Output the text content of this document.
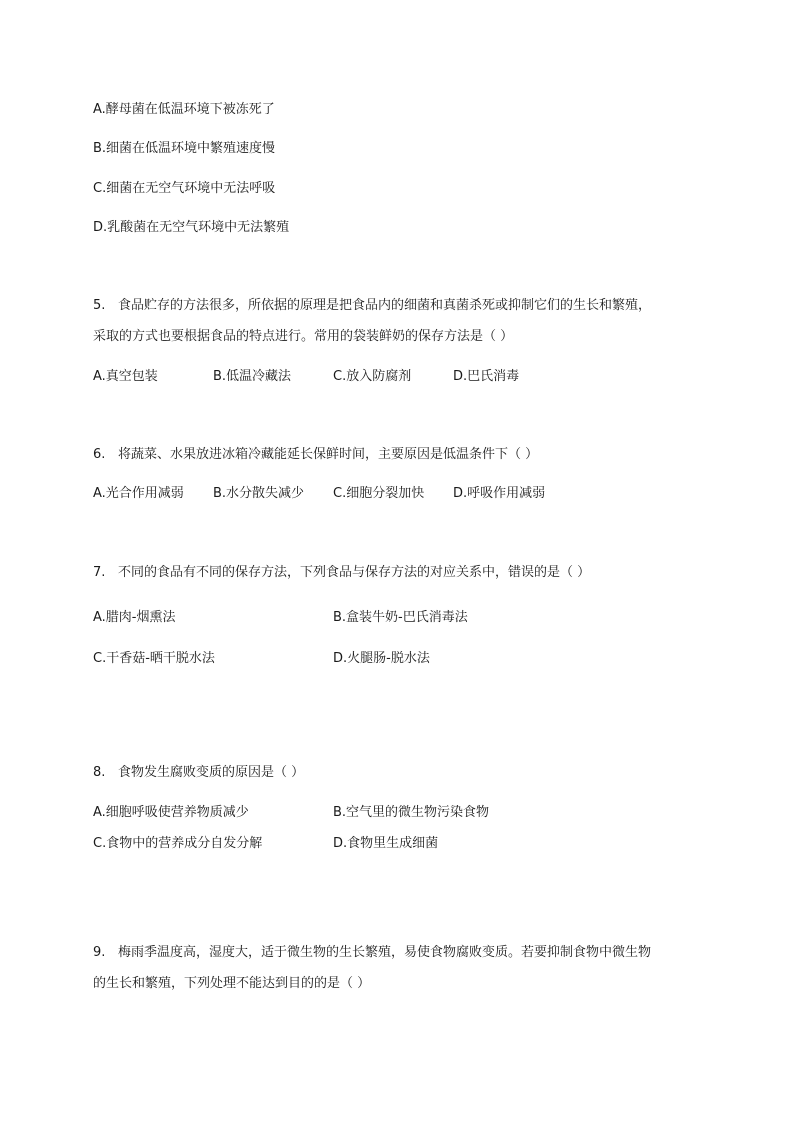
A.酵母菌在低温环境下被冻死了
B.细菌在低温环境中繁殖速度慢
C.细菌在无空气环境中无法呼吸
D.乳酸菌在无空气环境中无法繁殖
5. 食品贮存的方法很多，所依据的原理是把食品内的细菌和真菌杀死或抑制它们的生长和繁殖，
采取的方式也要根据食品的特点进行。常用的袋装鲜奶的保存方法是（ ）
A.真空包装	B.低温冷藏法	C.放入防腐剂	D.巴氏消毒
6. 将蔬菜、水果放进冰箱冷藏能延长保鲜时间，主要原因是低温条件下（ ）
A.光合作用减弱 B.水分散失减少 C.细胞分裂加快 D.呼吸作用减弱
7. 不同的食品有不同的保存方法，下列食品与保存方法的对应关系中，错误的是（ ）
A.腊肉-烟熏法	B.盒装牛奶-巴氏消毒法
C.干香菇-晒干脱水法	D.火腿肠-脱水法
8. 食物发生腐败变质的原因是（ ）
A.细胞呼吸使营养物质减少	B.空气里的微生物污染食物
C.食物中的营养成分自发分解	D.食物里生成细菌
9. 梅雨季温度高，湿度大，适于微生物的生长繁殖，易使食物腐败变质。若要抑制食物中微生物
的生长和繁殖，下列处理不能达到目的的是（ ）
